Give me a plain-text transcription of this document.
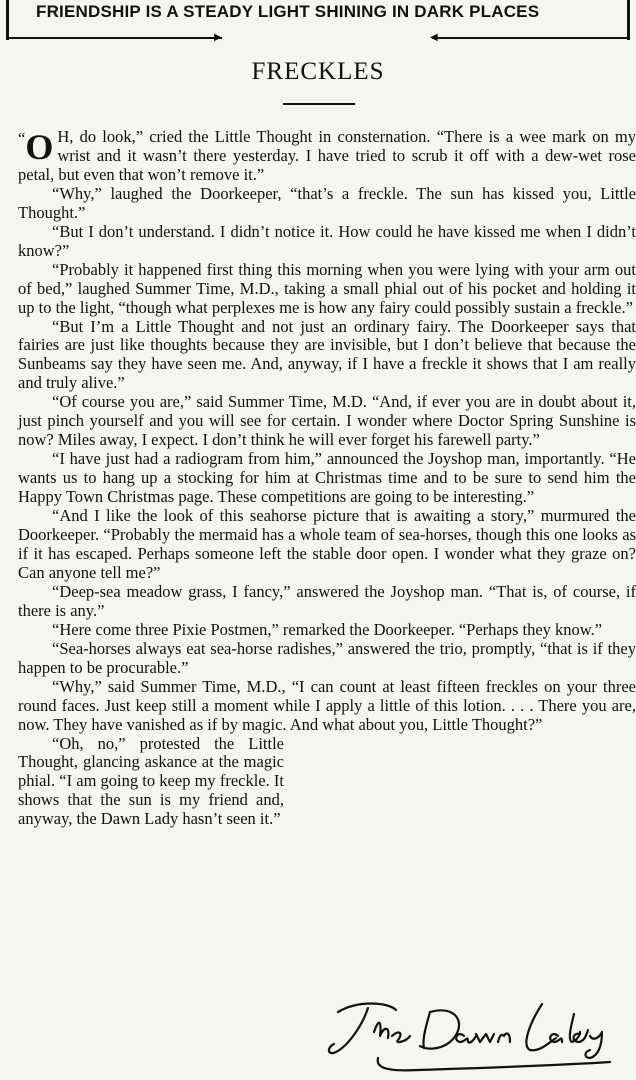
▶	◀
FRIENDSHIP IS A STEADY LIGHT SHINING IN DARK PLACES
FRECKLES

“ O H, do look,” cried the Little Thought in consternation. “There is a wee mark on my wrist and it wasn’t there yesterday. I have tried to scrub it off with a dew-wet rose petal, but even that won’t remove it.”

“Why,” laughed the Doorkeeper, “that’s a freckle. The sun has kissed you, Little Thought.”

“But I don’t understand. I didn’t notice it. How could he have kissed me when I didn’t know?”

“Probably it happened first thing this morning when you were lying with your arm out of bed,” laughed Summer Time, M.D., taking a small phial out of his pocket and holding it up to the light, “though what perplexes me is how any fairy could possibly sustain a freckle.”

“But I’m a Little Thought and not just an ordinary fairy. The Doorkeeper says that fairies are just like thoughts because they are invisible, but I don’t believe that because the Sunbeams say they have seen me. And, anyway, if I have a freckle it shows that I am really and truly alive.”

“Of course you are,” said Summer Time, M.D. “And, if ever you are in doubt about it, just pinch yourself and you will see for certain. I wonder where Doctor Spring Sunshine is now? Miles away, I expect. I don’t think he will ever forget his farewell party.”

“I have just had a radiogram from him,” announced the Joyshop man, importantly. “He wants us to hang up a stocking for him at Christmas time and to be sure to send him the Happy Town Christmas page. These competitions are going to be interesting.”

“And I like the look of this seahorse picture that is awaiting a story,” murmured the Doorkeeper. “Probably the mermaid has a whole team of sea-horses, though this one looks as if it has escaped. Perhaps someone left the stable door open. I wonder what they graze on? Can anyone tell me?”

“Deep-sea meadow grass, I fancy,” answered the Joyshop man. “That is, of course, if there is any.”

“Here come three Pixie Postmen,” remarked the Doorkeeper. “Perhaps they know.”

“Sea-horses always eat sea-horse radishes,” answered the trio, promptly, “that is if they happen to be procurable.”

“Why,” said Summer Time, M.D., “I can count at least fifteen freckles on your three round faces. Just keep still a moment while I apply a little of this lotion. . . . There you are, now. They have vanished as if by magic. And what about you, Little Thought?”

“Oh, no,” protested the Little Thought, glancing askance at the magic phial. “I am going to keep my freckle. It shows that the sun is my friend and, anyway, the Dawn Lady hasn’t seen it.”
